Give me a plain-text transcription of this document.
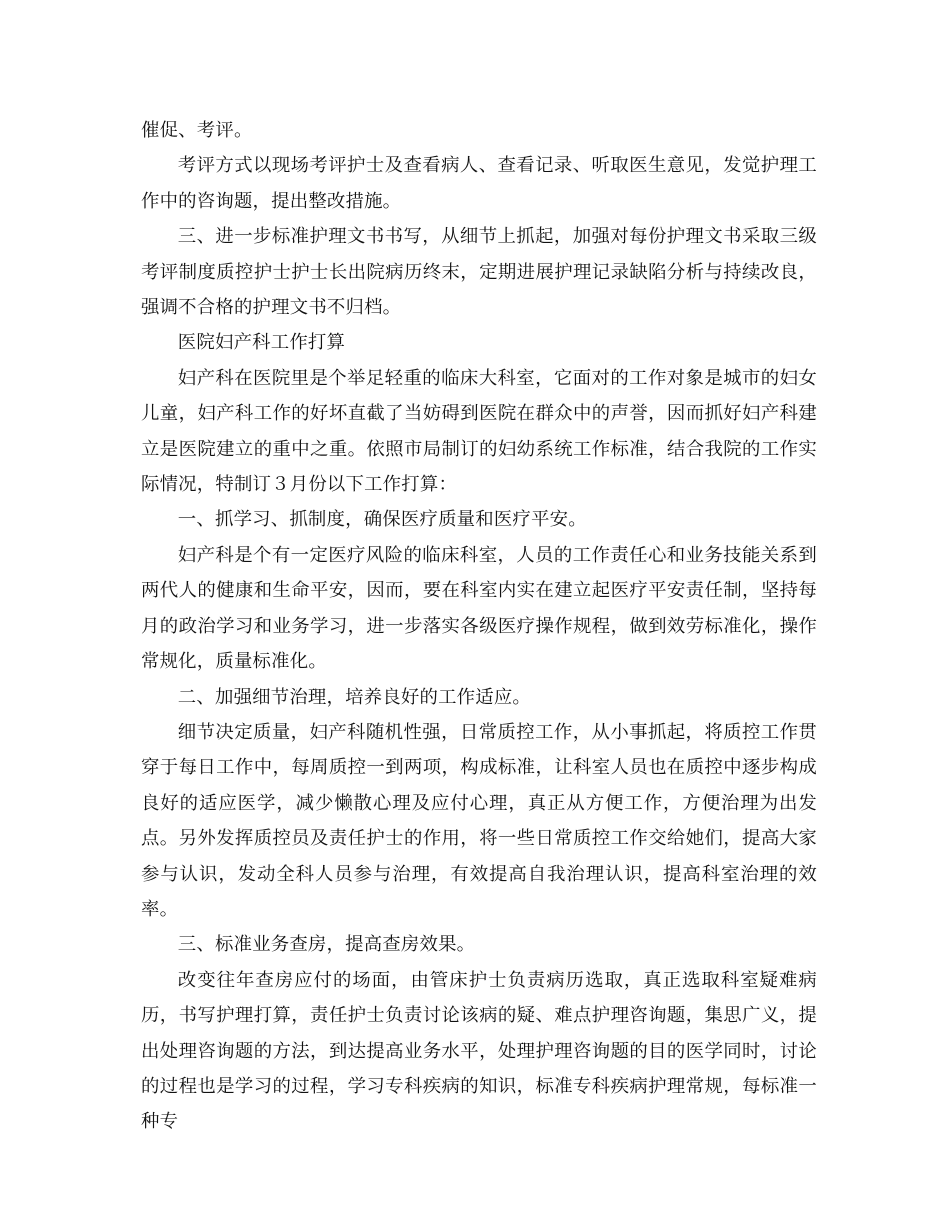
催促、考评。

考评方式以现场考评护士及查看病人、查看记录、听取医生意见，发觉护理工作中的咨询题，提出整改措施。

三、进一步标准护理文书书写，从细节上抓起，加强对每份护理文书采取三级考评制度质控护士护士长出院病历终末，定期进展护理记录缺陷分析与持续改良，强调不合格的护理文书不归档。

医院妇产科工作打算

妇产科在医院里是个举足轻重的临床大科室，它面对的工作对象是城市的妇女儿童，妇产科工作的好坏直截了当妨碍到医院在群众中的声誉，因而抓好妇产科建立是医院建立的重中之重。依照市局制订的妇幼系统工作标准，结合我院的工作实际情况，特制订３月份以下工作打算：

一、抓学习、抓制度，确保医疗质量和医疗平安。

妇产科是个有一定医疗风险的临床科室，人员的工作责任心和业务技能关系到两代人的健康和生命平安，因而，要在科室内实在建立起医疗平安责任制，坚持每月的政治学习和业务学习，进一步落实各级医疗操作规程，做到效劳标准化，操作常规化，质量标准化。

二、加强细节治理，培养良好的工作适应。

细节决定质量，妇产科随机性强，日常质控工作，从小事抓起，将质控工作贯穿于每日工作中，每周质控一到两项，构成标准，让科室人员也在质控中逐步构成良好的适应医学，减少懒散心理及应付心理，真正从方便工作，方便治理为出发点。另外发挥质控员及责任护士的作用，将一些日常质控工作交给她们，提高大家参与认识，发动全科人员参与治理，有效提高自我治理认识，提高科室治理的效率。

三、标准业务查房，提高查房效果。

改变往年查房应付的场面，由管床护士负责病历选取，真正选取科室疑难病历，书写护理打算，责任护士负责讨论该病的疑、难点护理咨询题，集思广义，提出处理咨询题的方法，到达提高业务水平，处理护理咨询题的目的医学同时，讨论的过程也是学习的过程，学习专科疾病的知识，标准专科疾病护理常规，每标准一种专
